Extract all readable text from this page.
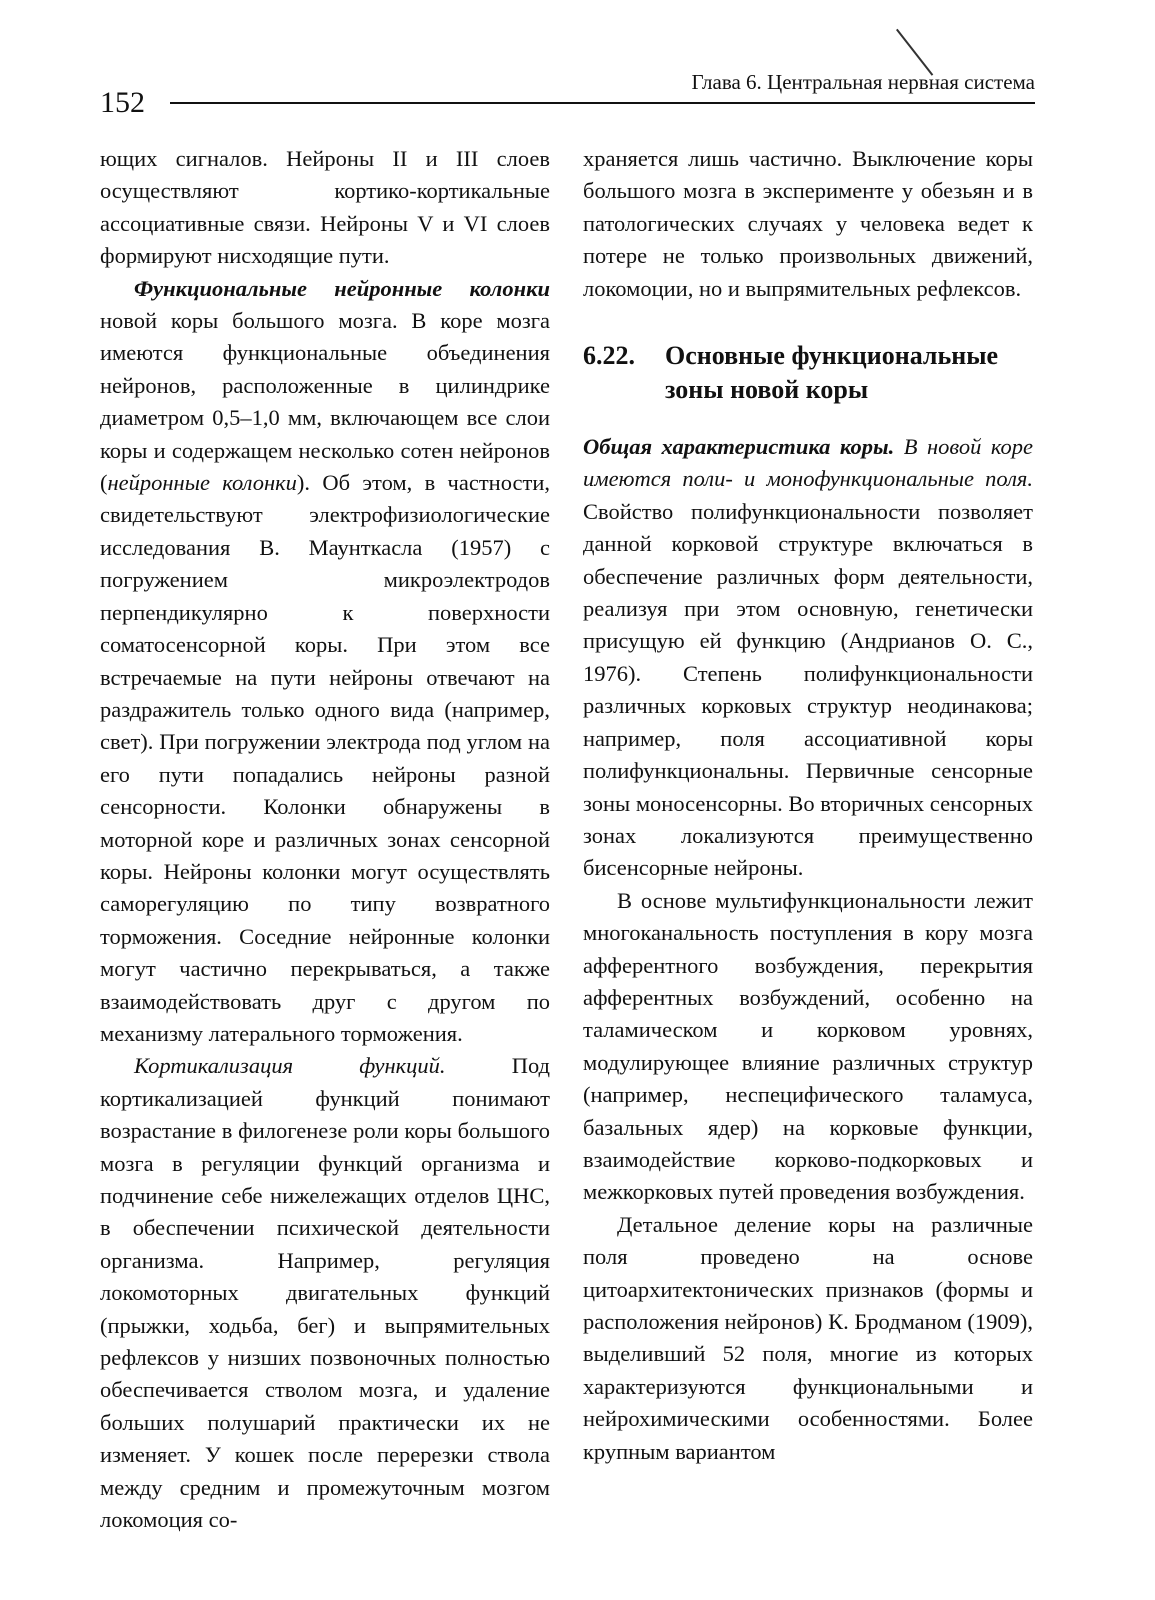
152
Глава 6. Центральная нервная система

ющих сигналов. Нейроны II и III слоев осуществляют кортико-кортикальные ассоциативные связи. Нейроны V и VI слоев формируют нисходящие пути.

Функциональные нейронные колонки новой коры большого мозга. В коре мозга имеются функциональные объединения нейронов, расположенные в цилиндрике диаметром 0,5–1,0 мм, включающем все слои коры и содержащем несколько сотен нейронов (нейронные колонки). Об этом, в частности, свидетельствуют электрофизиологические исследования В. Маунткасла (1957) с погружением микроэлектродов перпендикулярно к поверхности соматосенсорной коры. При этом все встречаемые на пути нейроны отвечают на раздражитель только одного вида (например, свет). При погружении электрода под углом на его пути попадались нейроны разной сенсорности. Колонки обнаружены в моторной коре и различных зонах сенсорной коры. Нейроны колонки могут осуществлять саморегуляцию по типу возвратного торможения. Соседние нейронные колонки могут частично перекрываться, а также взаимодействовать друг с другом по механизму латерального торможения.

Кортикализация функций. Под кортикализацией функций понимают возрастание в филогенезе роли коры большого мозга в регуляции функций организма и подчинение себе нижележащих отделов ЦНС, в обеспечении психической деятельности организма. Например, регуляция локомоторных двигательных функций (прыжки, ходьба, бег) и выпрямительных рефлексов у низших позвоночных полностью обеспечивается стволом мозга, и удаление больших полушарий практически их не изменяет. У кошек после перерезки ствола между средним и промежуточным мозгом локомоция со-

храняется лишь частично. Выключение коры большого мозга в эксперименте у обезьян и в патологических случаях у человека ведет к потере не только произвольных движений, локомоции, но и выпрямительных рефлексов.

6.22.	Основные функциональные зоны новой коры

Общая характеристика коры. В новой коре имеются поли- и монофункциональные поля. Свойство полифункциональности позволяет данной корковой структуре включаться в обеспечение различных форм деятельности, реализуя при этом основную, генетически присущую ей функцию (Андрианов О. С., 1976). Степень полифункциональности различных корковых структур неодинакова; например, поля ассоциативной коры полифункциональны. Первичные сенсорные зоны моносенсорны. Во вторичных сенсорных зонах локализуются преимущественно бисенсорные нейроны.

В основе мультифункциональности лежит многоканальность поступления в кору мозга афферентного возбуждения, перекрытия афферентных возбуждений, особенно на таламическом и корковом уровнях, модулирующее влияние различных структур (например, неспецифического таламуса, базальных ядер) на корковые функции, взаимодействие корково-подкорковых и межкорковых путей проведения возбуждения.

Детальное деление коры на различные поля проведено на основе цитоархитектонических признаков (формы и расположения нейронов) К. Бродманом (1909), выделивший 52 поля, многие из которых характеризуются функциональными и нейрохимическими особенностями. Более крупным вариантом
